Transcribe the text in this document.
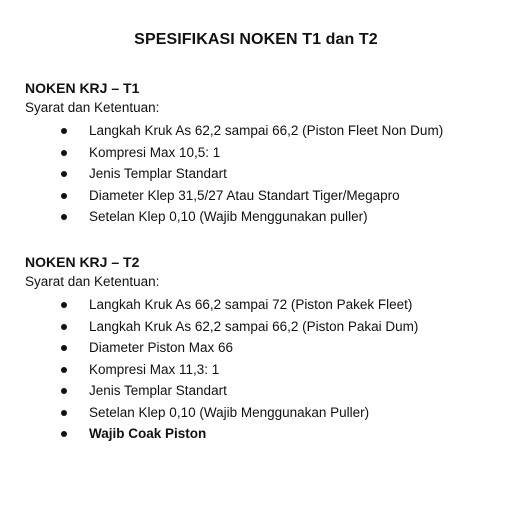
SPESIFIKASI NOKEN T1 dan T2
NOKEN KRJ – T1
Syarat dan Ketentuan:
Langkah Kruk As 62,2 sampai 66,2 (Piston Fleet Non Dum)
Kompresi Max 10,5: 1
Jenis Templar Standart
Diameter Klep 31,5/27 Atau Standart Tiger/Megapro
Setelan Klep 0,10 (Wajib Menggunakan puller)
NOKEN KRJ – T2
Syarat dan Ketentuan:
Langkah Kruk As 66,2 sampai 72 (Piston Pakek Fleet)
Langkah Kruk As 62,2 sampai 66,2 (Piston Pakai Dum)
Diameter Piston Max 66
Kompresi Max 11,3: 1
Jenis Templar Standart
Setelan Klep 0,10 (Wajib Menggunakan Puller)
Wajib Coak Piston
